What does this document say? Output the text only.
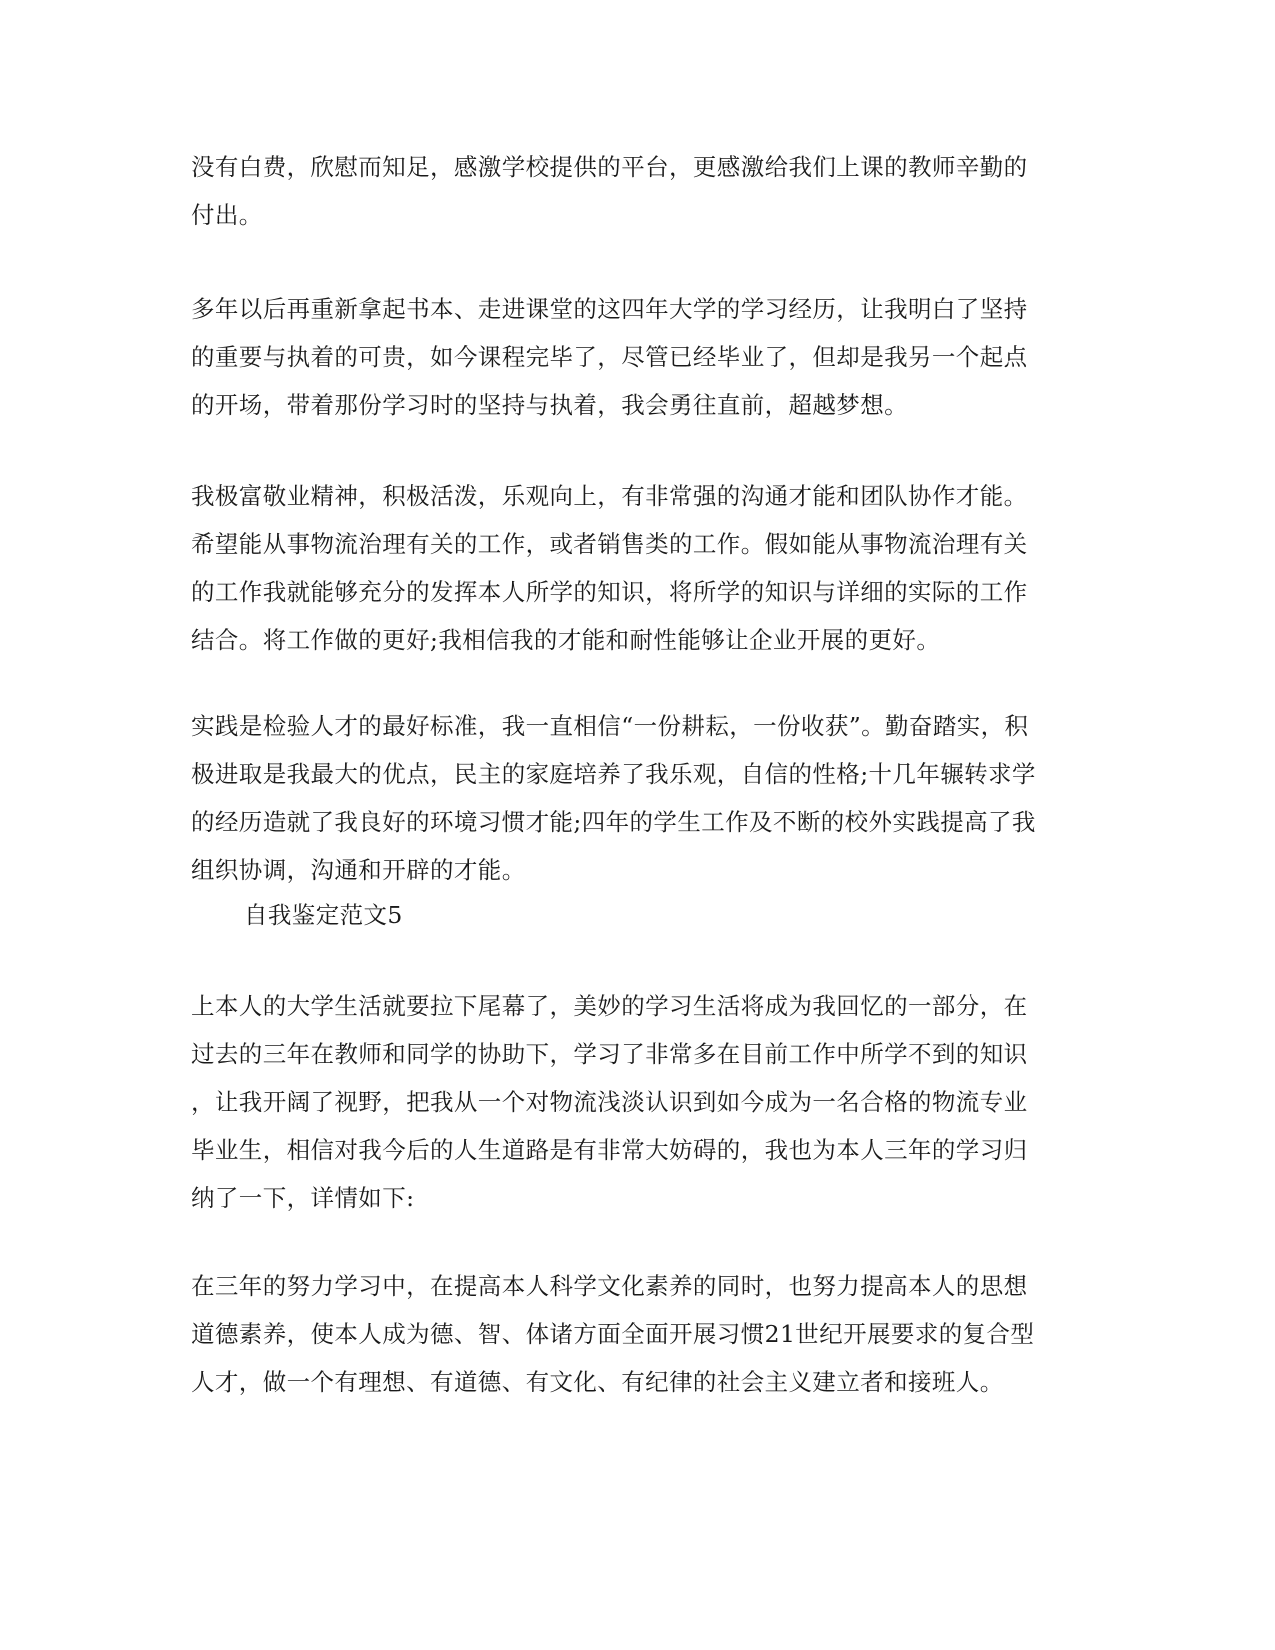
没有白费，欣慰而知足，感激学校提供的平台，更感激给我们上课的教师辛勤的
付出。
多年以后再重新拿起书本、走进课堂的这四年大学的学习经历，让我明白了坚持
的重要与执着的可贵，如今课程完毕了，尽管已经毕业了，但却是我另一个起点
的开场，带着那份学习时的坚持与执着，我会勇往直前，超越梦想。
我极富敬业精神，积极活泼，乐观向上，有非常强的沟通才能和团队协作才能。
希望能从事物流治理有关的工作，或者销售类的工作。假如能从事物流治理有关
的工作我就能够充分的发挥本人所学的知识，将所学的知识与详细的实际的工作
结合。将工作做的更好;我相信我的才能和耐性能够让企业开展的更好。
实践是检验人才的最好标准，我一直相信“一份耕耘，一份收获”。勤奋踏实，积
极进取是我最大的优点，民主的家庭培养了我乐观，自信的性格;十几年辗转求学
的经历造就了我良好的环境习惯才能;四年的学生工作及不断的校外实践提高了我
组织协调，沟通和开辟的才能。
自我鉴定范文5
上本人的大学生活就要拉下尾幕了，美妙的学习生活将成为我回忆的一部分，在
过去的三年在教师和同学的协助下，学习了非常多在目前工作中所学不到的知识
，让我开阔了视野，把我从一个对物流浅淡认识到如今成为一名合格的物流专业
毕业生，相信对我今后的人生道路是有非常大妨碍的，我也为本人三年的学习归
纳了一下，详情如下:
在三年的努力学习中，在提高本人科学文化素养的同时，也努力提高本人的思想
道德素养，使本人成为德、智、体诸方面全面开展习惯21世纪开展要求的复合型
人才，做一个有理想、有道德、有文化、有纪律的社会主义建立者和接班人。
